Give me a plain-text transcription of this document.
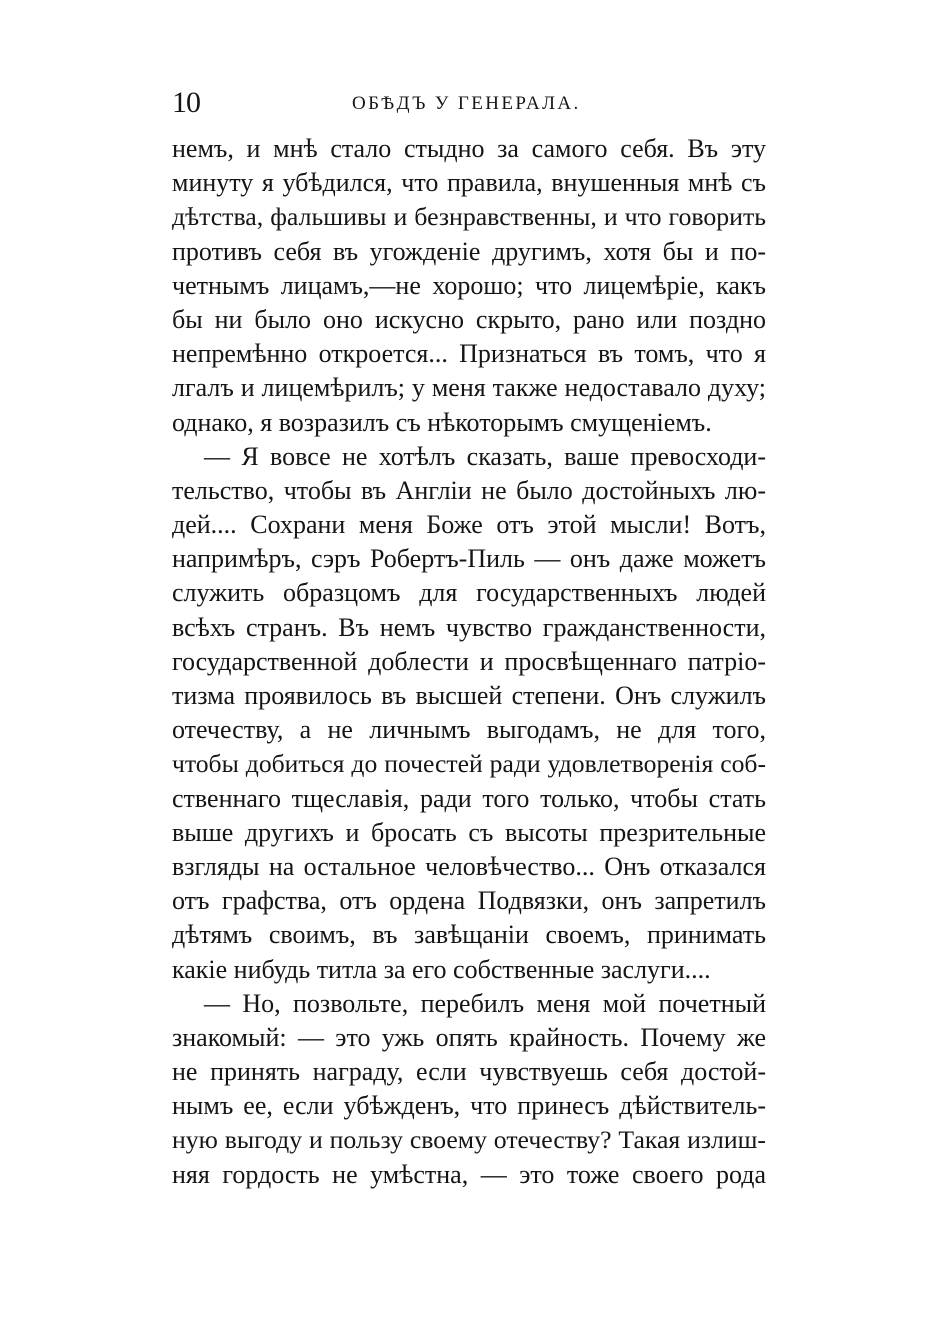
10	ОБѢДЪ У ГЕНЕРАЛА.
немъ, и мнѣ стало стыдно за самого себя. Въ эту
минуту я убѣдился, что правила, внушенныя мнѣ съ
дѣтства, фальшивы и безнравственны, и что говорить
противъ себя въ угожденіе другимъ, хотя бы и по-
четнымъ лицамъ,—не хорошо; что лицемѣріе, какъ
бы ни было оно искусно скрыто, рано или поздно
непремѣнно откроется... Признаться въ томъ, что я
лгалъ и лицемѣрилъ; у меня также недоставало духу;
однако, я возразилъ съ нѣкоторымъ смущеніемъ.
— Я вовсе не хотѣлъ сказать, ваше превосходи-
тельство, чтобы въ Англіи не было достойныхъ лю-
дей.... Сохрани меня Боже отъ этой мысли! Вотъ,
напримѣръ, сэръ Робертъ-Пиль — онъ даже можетъ
служить образцомъ для государственныхъ людей
всѣхъ странъ. Въ немъ чувство гражданственности,
государственной доблести и просвѣщеннаго патріо-
тизма проявилось въ высшей степени. Онъ служилъ
отечеству, а не личнымъ выгодамъ, не для того,
чтобы добиться до почестей ради удовлетворенія соб-
ственнаго тщеславія, ради того только, чтобы стать
выше другихъ и бросать съ высоты презрительные
взгляды на остальное человѣчество... Онъ отказался
отъ графства, отъ ордена Подвязки, онъ запретилъ
дѣтямъ своимъ, въ завѣщаніи своемъ, принимать
какіе нибудь титла за его собственные заслуги....
— Но, позвольте, перебилъ меня мой почетный
знакомый: — это ужь опять крайность. Почему же
не принять награду, если чувствуешь себя достой-
нымъ ее, если убѣжденъ, что принесъ дѣйствитель-
ную выгоду и пользу своему отечеству? Такая излиш-
няя гордость не умѣстна, — это тоже своего рода
